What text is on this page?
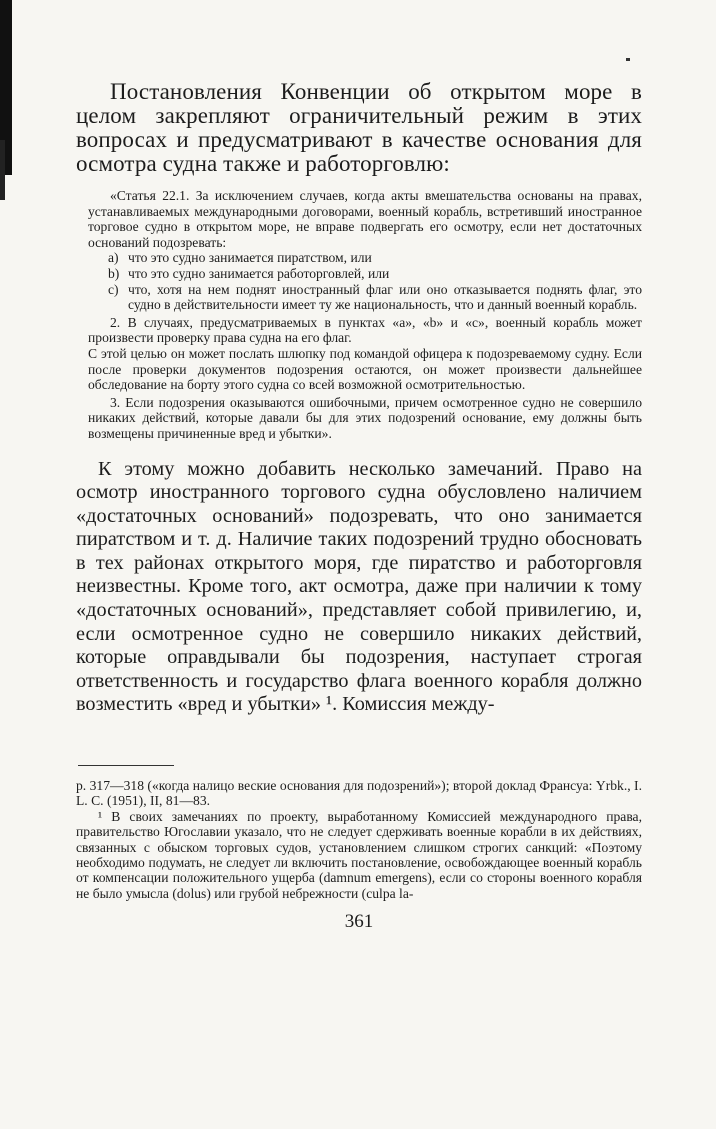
Постановления Конвенции об открытом море в целом закрепляют ограничительный режим в этих вопросах и предусматривают в качестве основания для осмотра судна также и работорговлю:

«Статья 22.1. За исключением случаев, когда акты вмешательства основаны на правах, устанавливаемых международными договорами, военный корабль, встретивший иностранное торговое судно в открытом море, не вправе подвергать его осмотру, если нет достаточных оснований подозревать:

a) что это судно занимается пиратством, или
b) что это судно занимается работорговлей, или
c) что, хотя на нем поднят иностранный флаг или оно отказывается поднять флаг, это судно в действительности имеет ту же национальность, что и данный военный корабль.

2. В случаях, предусматриваемых в пунктах «а», «b» и «c», военный корабль может произвести проверку права судна на его флаг.

С этой целью он может послать шлюпку под командой офицера к подозреваемому судну. Если после проверки документов подозрения остаются, он может произвести дальнейшее обследование на борту этого судна со всей возможной осмотрительностью.

3. Если подозрения оказываются ошибочными, причем осмотренное судно не совершило никаких действий, которые давали бы для этих подозрений основание, ему должны быть возмещены причиненные вред и убытки».

К этому можно добавить несколько замечаний. Право на осмотр иностранного торгового судна обусловлено наличием «достаточных оснований» подозревать, что оно занимается пиратством и т. д. Наличие таких подозрений трудно обосновать в тех районах открытого моря, где пиратство и работорговля неизвестны. Кроме того, акт осмотра, даже при наличии к тому «достаточных оснований», представляет собой привилегию, и, если осмотренное судно не совершило никаких действий, которые оправдывали бы подозрения, наступает строгая ответственность и государство флага военного корабля должно возместить «вред и убытки» ¹. Комиссия между-

p. 317—318 («когда налицо веские основания для подозрений»); второй доклад Франсуа: Yrbk., I. L. C. (1951), II, 81—83.

¹ В своих замечаниях по проекту, выработанному Комиссией международного права, правительство Югославии указало, что не следует сдерживать военные корабли в их действиях, связанных с обыском торговых судов, установлением слишком строгих санкций: «Поэтому необходимо подумать, не следует ли включить постановление, освобождающее военный корабль от компенсации положительного ущерба (damnum emergens), если со стороны военного корабля не было умысла (dolus) или грубой небрежности (culpa la-

361
